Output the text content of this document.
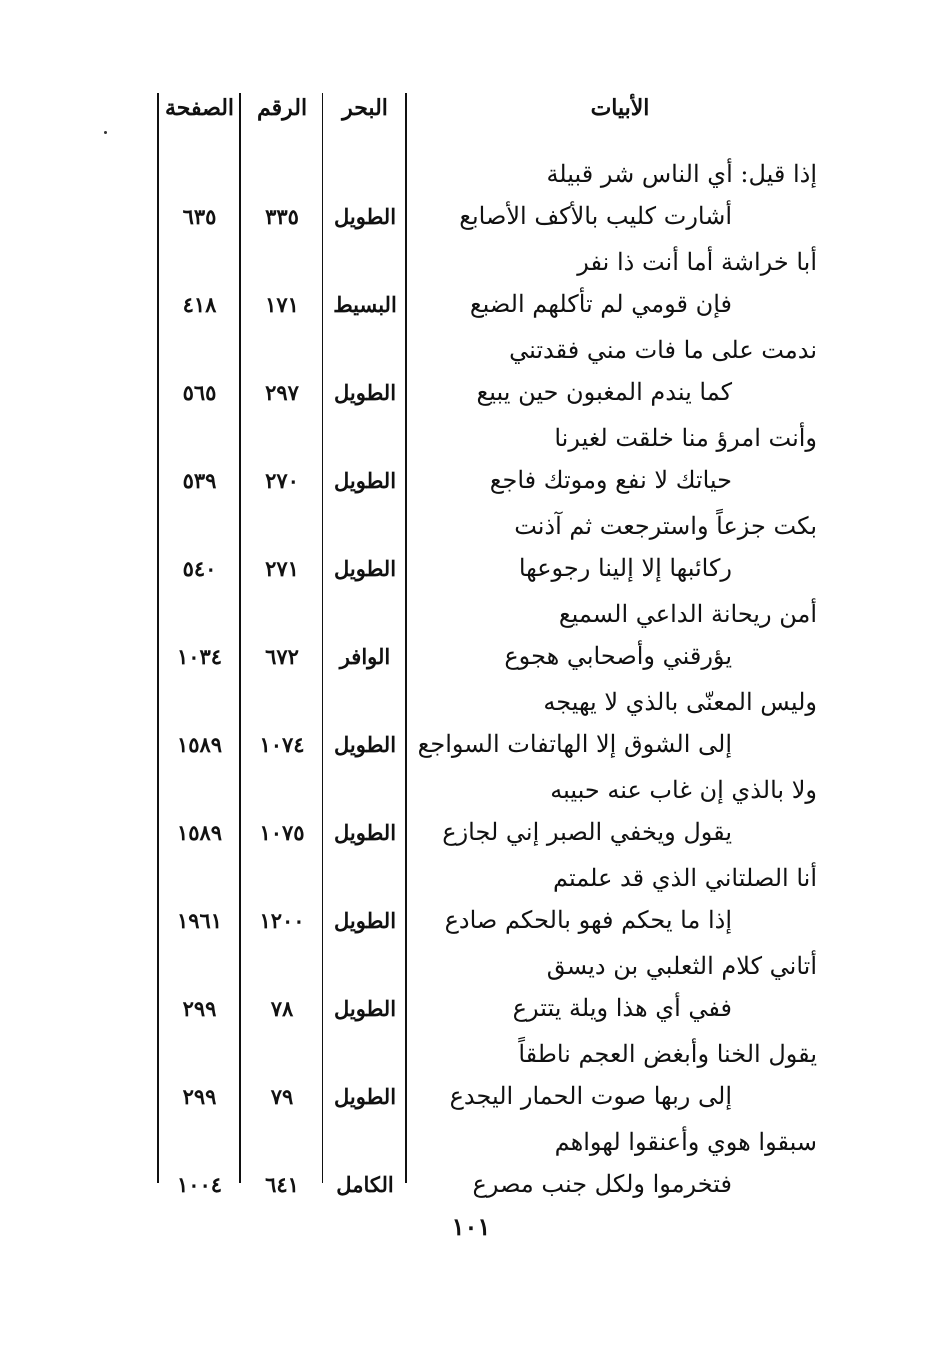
الأبيات
البحر
الرقم
الصفحة
إذا قيل: أي الناس شر قبيلة
أشارت كليب بالأكف الأصابع
الطويل
٣٣٥
٦٣٥
أبا خراشة أما أنت ذا نفر
فإن قومي لم تأكلهم الضبع
البسيط
١٧١
٤١٨
ندمت على ما فات مني فقدتني
كما يندم المغبون حين يبيع
الطويل
٢٩٧
٥٦٥
وأنت امرؤ منا خلقت لغيرنا
حياتك لا نفع وموتك فاجع
الطويل
٢٧٠
٥٣٩
بكت جزعاً واسترجعت ثم آذنت
ركائبها إلا إلينا رجوعها
الطويل
٢٧١
٥٤٠
أمن ريحانة الداعي السميع
يؤرقني وأصحابي هجوع
الوافر
٦٧٢
١٠٣٤
وليس المعنّى بالذي لا يهيجه
إلى الشوق إلا الهاتفات السواجع
الطويل
١٠٧٤
١٥٨٩
ولا بالذي إن غاب عنه حبيبه
يقول ويخفي الصبر إني لجازع
الطويل
١٠٧٥
١٥٨٩
أنا الصلتاني الذي قد علمتم
إذا ما يحكم فهو بالحكم صادع
الطويل
١٢٠٠
١٩٦١
أتاني كلام الثعلبي بن ديسق
ففي أي هذا ويلة يتترع
الطويل
٧٨
٢٩٩
يقول الخنا وأبغض العجم ناطقاً
إلى ربها صوت الحمار اليجدع
الطويل
٧٩
٢٩٩
سبقوا هوي وأعنقوا لهواهم
فتخرموا ولكل جنب مصرع
الكامل
٦٤١
١٠٠٤
١٠١
